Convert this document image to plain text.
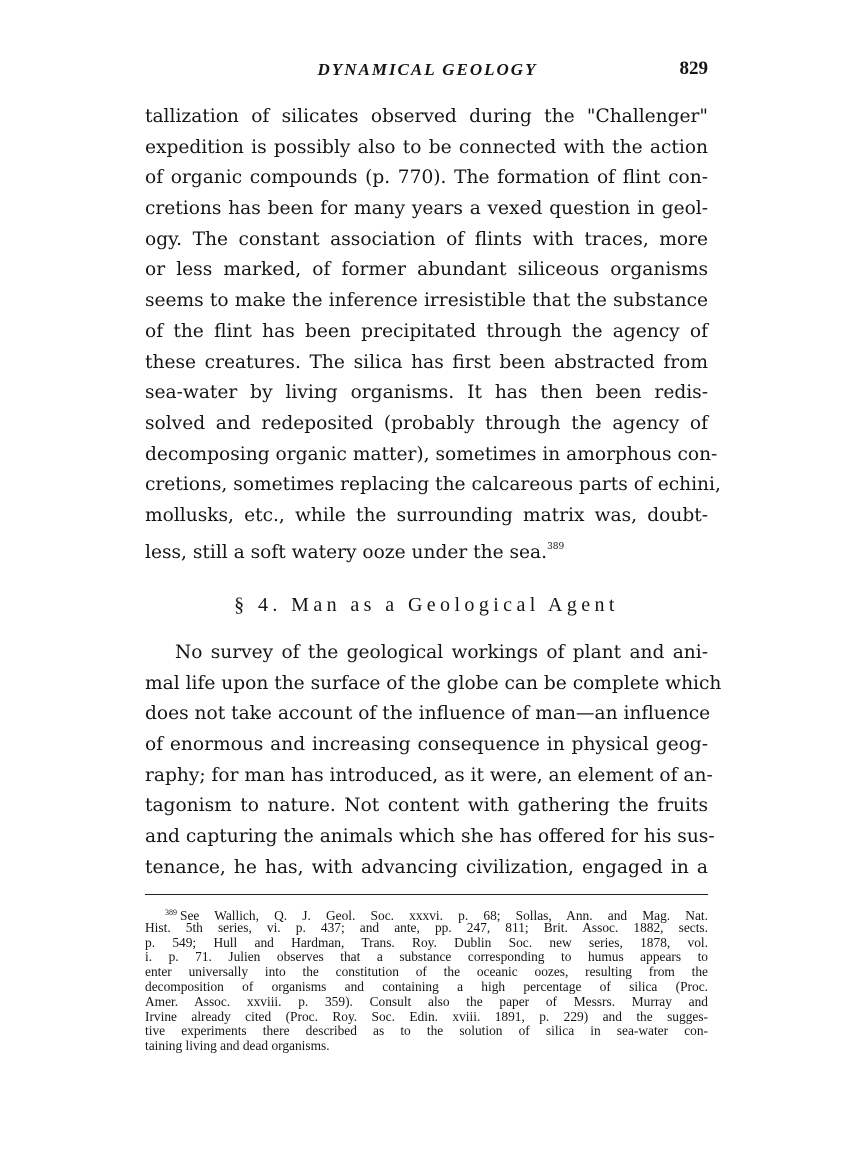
DYNAMICAL GEOLOGY	829
tallization of silicates observed during the "Challenger"
expedition is possibly also to be connected with the action
of organic compounds (p. 770). The formation of flint con-
cretions has been for many years a vexed question in geol-
ogy. The constant association of flints with traces, more
or less marked, of former abundant siliceous organisms
seems to make the inference irresistible that the substance
of the flint has been precipitated through the agency of
these creatures. The silica has first been abstracted from
sea-water by living organisms. It has then been redis-
solved and redeposited (probably through the agency of
decomposing organic matter), sometimes in amorphous con-
cretions, sometimes replacing the calcareous parts of echini,
mollusks, etc., while the surrounding matrix was, doubt-
less, still a soft watery ooze under the sea.$^{389}$
§ 4. Man as a Geological Agent
No survey of the geological workings of plant and ani-
mal life upon the surface of the globe can be complete which
does not take account of the influence of man—an influence
of enormous and increasing consequence in physical geog-
raphy; for man has introduced, as it were, an element of an-
tagonism to nature. Not content with gathering the fruits
and capturing the animals which she has offered for his sus-
tenance, he has, with advancing civilization, engaged in a
$^{389}$ See Wallich, Q. J. Geol. Soc. xxxvi. p. 68; Sollas, Ann. and Mag. Nat.
Hist. 5th series, vi. p. 437; and ante, pp. 247, 811; Brit. Assoc. 1882, sects.
p. 549; Hull and Hardman, Trans. Roy. Dublin Soc. new series, 1878, vol.
i. p. 71. Julien observes that a substance corresponding to humus appears to
enter universally into the constitution of the oceanic oozes, resulting from the
decomposition of organisms and containing a high percentage of silica (Proc.
Amer. Assoc. xxviii. p. 359). Consult also the paper of Messrs. Murray and
Irvine already cited (Proc. Roy. Soc. Edin. xviii. 1891, p. 229) and the sugges-
tive experiments there described as to the solution of silica in sea-water con-
taining living and dead organisms.
